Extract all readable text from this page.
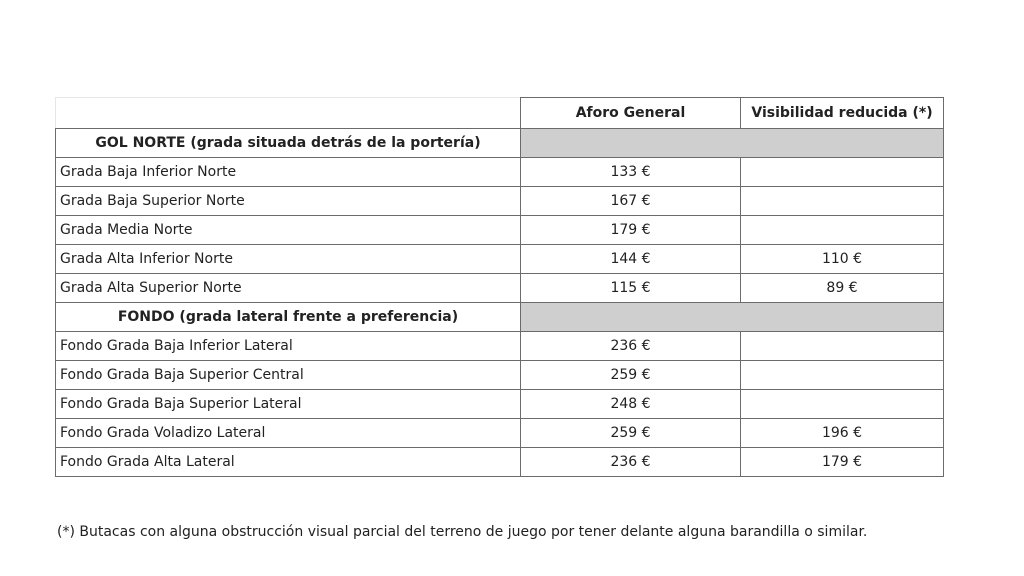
	Aforo General	Visibilidad reducida (*)
GOL NORTE (grada situada detrás de la portería)		
Grada Baja Inferior Norte	133 €	
Grada Baja Superior Norte	167 €	
Grada Media Norte	179 €	
Grada Alta Inferior Norte	144 €	110 €
Grada Alta Superior Norte	115 €	89 €
FONDO (grada lateral frente a preferencia)		
Fondo Grada Baja Inferior Lateral	236 €	
Fondo Grada Baja Superior Central	259 €	
Fondo Grada Baja Superior Lateral	248 €	
Fondo Grada Voladizo Lateral	259 €	196 €
Fondo Grada Alta Lateral	236 €	179 €
(*) Butacas con alguna obstrucción visual parcial del terreno de juego por tener delante alguna barandilla o similar.
